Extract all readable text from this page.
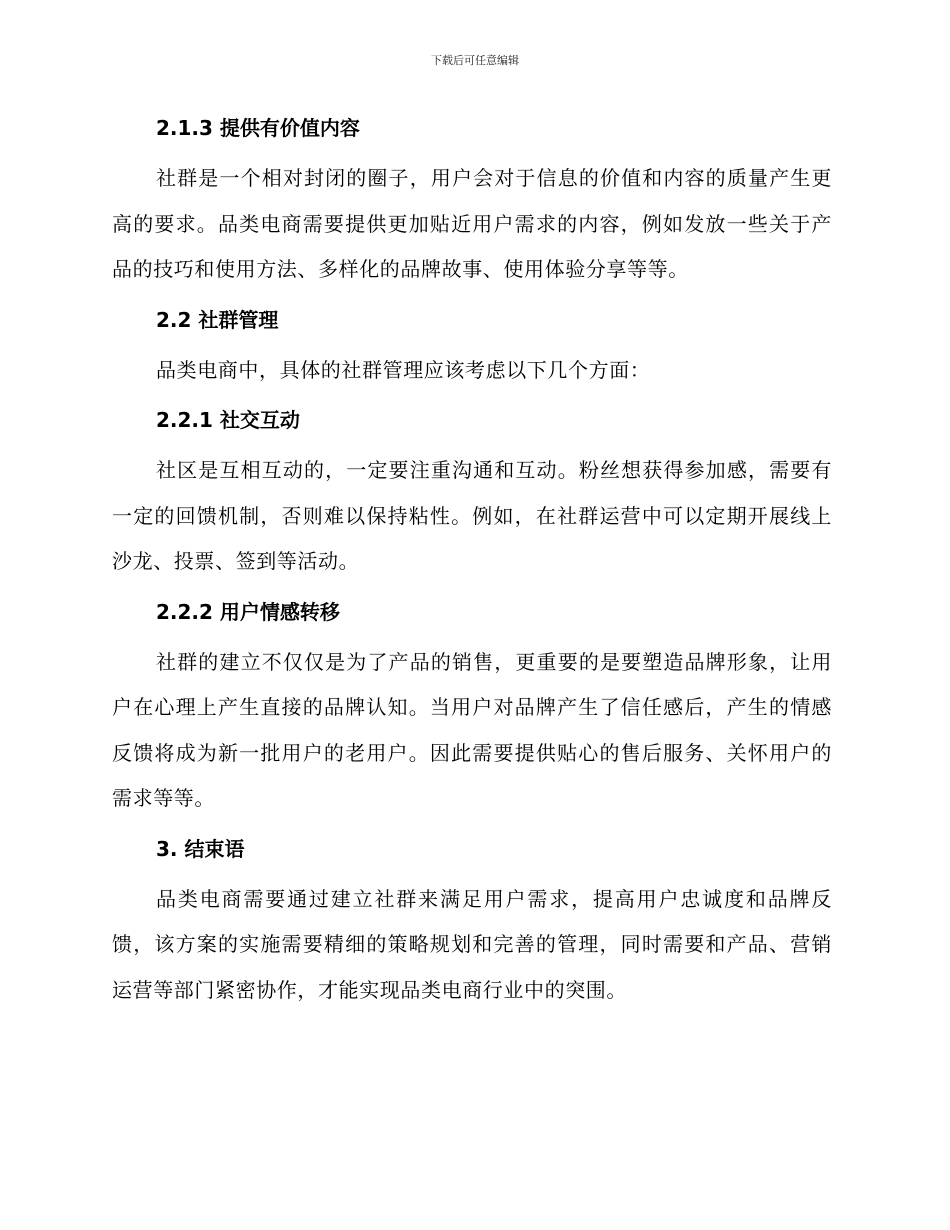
下载后可任意编辑
2.1.3 提供有价值内容

社群是一个相对封闭的圈子，用户会对于信息的价值和内容的质量产生更高的要求。品类电商需要提供更加贴近用户需求的内容，例如发放一些关于产品的技巧和使用方法、多样化的品牌故事、使用体验分享等等。

2.2 社群管理

品类电商中，具体的社群管理应该考虑以下几个方面：

2.2.1 社交互动

社区是互相互动的，一定要注重沟通和互动。粉丝想获得参加感，需要有一定的回馈机制，否则难以保持粘性。例如，在社群运营中可以定期开展线上沙龙、投票、签到等活动。

2.2.2 用户情感转移

社群的建立不仅仅是为了产品的销售，更重要的是要塑造品牌形象，让用户在心理上产生直接的品牌认知。当用户对品牌产生了信任感后，产生的情感反馈将成为新一批用户的老用户。因此需要提供贴心的售后服务、关怀用户的需求等等。

3. 结束语

品类电商需要通过建立社群来满足用户需求，提高用户忠诚度和品牌反馈，该方案的实施需要精细的策略规划和完善的管理，同时需要和产品、营销运营等部门紧密协作，才能实现品类电商行业中的突围。
